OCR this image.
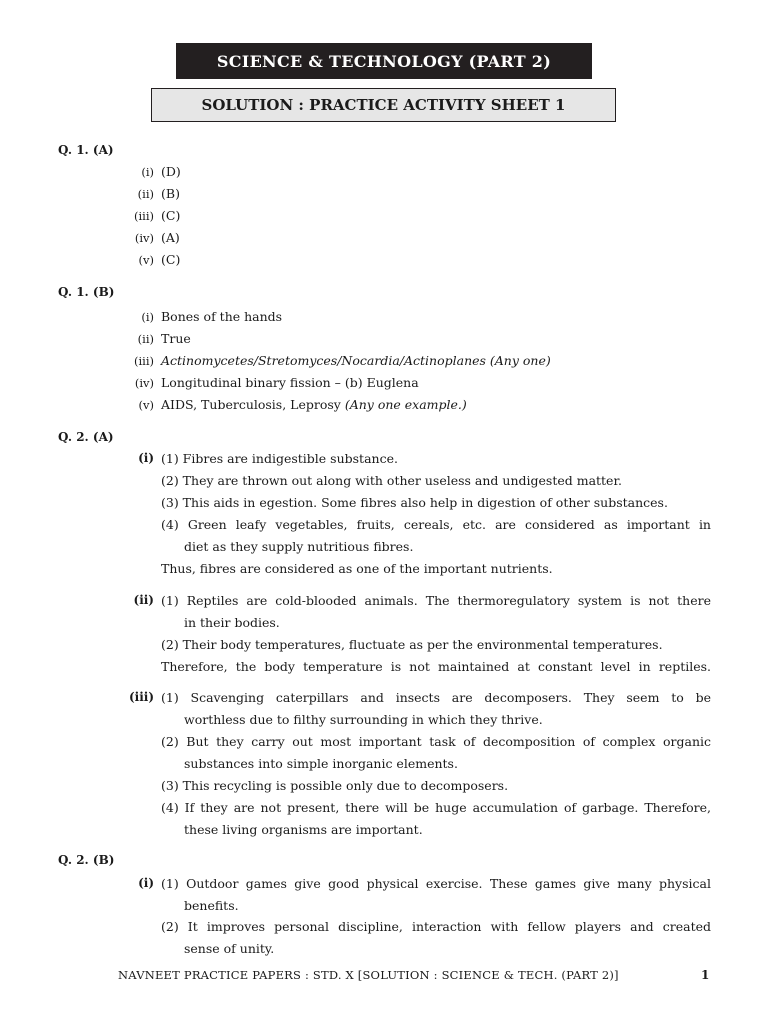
SCIENCE & TECHNOLOGY (PART 2)
SOLUTION : PRACTICE ACTIVITY SHEET 1
Q. 1. (A)
(i) (D)
(ii) (B)
(iii) (C)
(iv) (A)
(v) (C)
Q. 1. (B)
(i) Bones of the hands
(ii) True
(iii) Actinomycetes/Stretomyces/Nocardia/Actinoplanes (Any one)
(iv) Longitudinal binary fission – (b) Euglena
(v) AIDS, Tuberculosis, Leprosy (Any one example.)
Q. 2. (A)
(i) (1) Fibres are indigestible substance.
(2) They are thrown out along with other useless and undigested matter.
(3) This aids in egestion. Some fibres also help in digestion of other substances.
(4) Green leafy vegetables, fruits, cereals, etc. are considered as important in
diet as they supply nutritious fibres.
Thus, fibres are considered as one of the important nutrients.
(ii) (1) Reptiles are cold-blooded animals. The thermoregulatory system is not there
in their bodies.
(2) Their body temperatures, fluctuate as per the environmental temperatures.
Therefore, the body temperature is not maintained at constant level in reptiles.
(iii) (1) Scavenging caterpillars and insects are decomposers. They seem to be
worthless due to filthy surrounding in which they thrive.
(2) But they carry out most important task of decomposition of complex organic
substances into simple inorganic elements.
(3) This recycling is possible only due to decomposers.
(4) If they are not present, there will be huge accumulation of garbage. Therefore,
these living organisms are important.
Q. 2. (B)
(i) (1) Outdoor games give good physical exercise. These games give many physical
benefits.
(2) It improves personal discipline, interaction with fellow players and created
sense of unity.
NAVNEET PRACTICE PAPERS : STD. X [SOLUTION : SCIENCE & TECH. (PART 2)]	1
